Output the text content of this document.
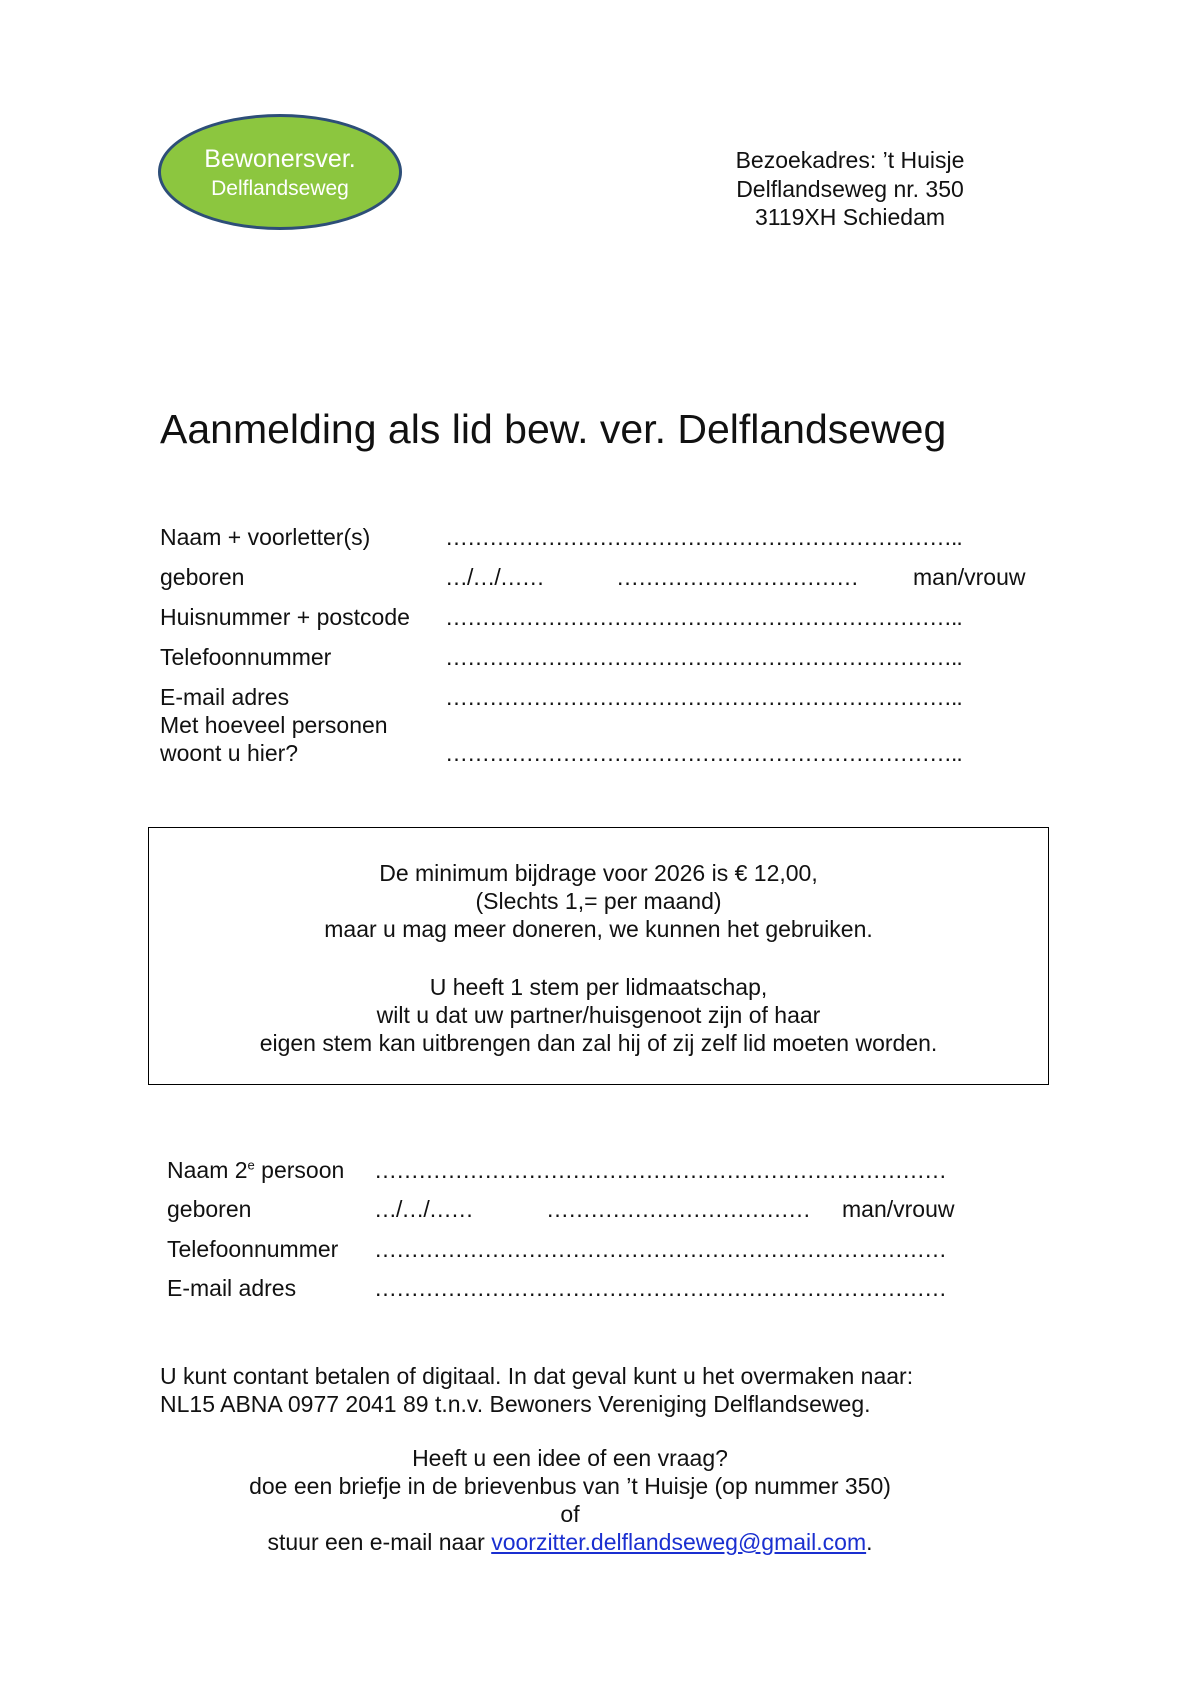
Bewonersver.
Delflandseweg
Bezoekadres: ’t Huisje
Delflandseweg nr. 350
3119XH Schiedam
Aanmelding als lid bew. ver. Delflandseweg
Naam + voorletter(s)	……………………………………………………………..
geboren	…/…/……	…………………………… man/vrouw
Huisnummer + postcode ……………………………………………………………..
Telefoonnummer	……………………………………………………………..
E-mail adres	……………………………………………………………..
Met hoeveel personen
woont u hier?	……………………………………………………………..
De minimum bijdrage voor 2026 is € 12,00,
(Slechts 1,= per maand)
maar u mag meer doneren, we kunnen het gebruiken.
U heeft 1 stem per lidmaatschap,
wilt u dat uw partner/huisgenoot zijn of haar
eigen stem kan uitbrengen dan zal hij of zij zelf lid moeten worden.
Naam 2e persoon ……………………………………………………………………
geboren	…/…/……	……………………………… man/vrouw
Telefoonnummer ……………………………………………………………………
E-mail adres	……………………………………………………………………
U kunt contant betalen of digitaal. In dat geval kunt u het overmaken naar:
NL15 ABNA 0977 2041 89 t.n.v. Bewoners Vereniging Delflandseweg.
Heeft u een idee of een vraag?
doe een briefje in de brievenbus van ’t Huisje (op nummer 350)
of
stuur een e-mail naar voorzitter.delflandseweg@gmail.com.
